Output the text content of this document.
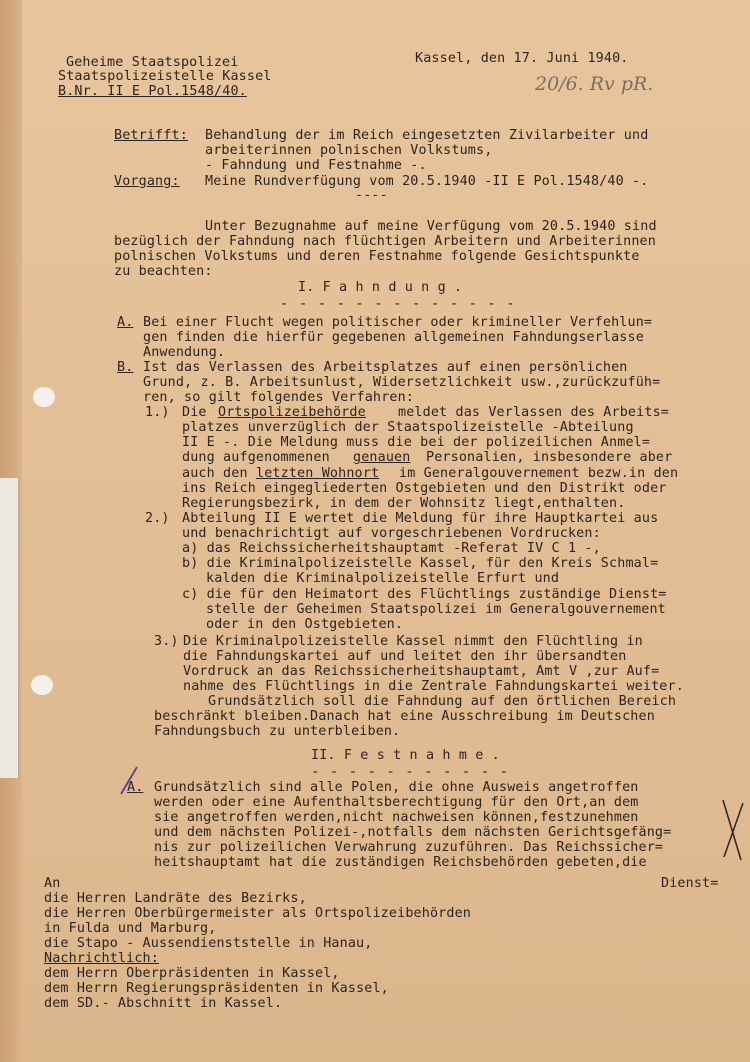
Geheime Staatspolizei
Staatspolizeistelle Kassel
B.Nr. II E Pol.1548/40.
Kassel, den 17. Juni 1940.
20/6. Rv pR.
Betrifft: Behandlung der im Reich eingesetzten Zivilarbeiter und
arbeiterinnen polnischen Volkstums,
- Fahndung und Festnahme -.
Vorgang: Meine Rundverfügung vom 20.5.1940 -II E Pol.1548/40 -.
----
Unter Bezugnahme auf meine Verfügung vom 20.5.1940 sind
bezüglich der Fahndung nach flüchtigen Arbeitern und Arbeiterinnen
polnischen Volkstums und deren Festnahme folgende Gesichtspunkte
zu beachten:
I. F a h n d u n g .
- - - - - - - - - - - - -
A. Bei einer Flucht wegen politischer oder krimineller Verfehlun=
gen finden die hierfür gegebenen allgemeinen Fahndungserlasse
Anwendung.
B. Ist das Verlassen des Arbeitsplatzes auf einen persönlichen
Grund, z. B. Arbeitsunlust, Widersetzlichkeit usw.,zurückzufüh=
ren, so gilt folgendes Verfahren:
1.) Die Ortspolizeibehörde meldet das Verlassen des Arbeits=
platzes unverzüglich der Staatspolizeistelle -Abteilung
II E -. Die Meldung muss die bei der polizeilichen Anmel=
dung aufgenommenen genauen Personalien, insbesondere aber
auch den letzten Wohnort im Generalgouvernement bezw.in den
ins Reich eingegliederten Ostgebieten und den Distrikt oder
Regierungsbezirk, in dem der Wohnsitz liegt,enthalten.
2.) Abteilung II E wertet die Meldung für ihre Hauptkartei aus
und benachrichtigt auf vorgeschriebenen Vordrucken:
a) das Reichssicherheitshauptamt -Referat IV C 1 -,
b) die Kriminalpolizeistelle Kassel, für den Kreis Schmal=
kalden die Kriminalpolizeistelle Erfurt und
c) die für den Heimatort des Flüchtlings zuständige Dienst=
stelle der Geheimen Staatspolizei im Generalgouvernement
oder in den Ostgebieten.
3.) Die Kriminalpolizeistelle Kassel nimmt den Flüchtling in
die Fahndungskartei auf und leitet den ihr übersandten
Vordruck an das Reichssicherheitshauptamt, Amt V ,zur Auf=
nahme des Flüchtlings in die Zentrale Fahndungskartei weiter.
Grundsätzlich soll die Fahndung auf den örtlichen Bereich
beschränkt bleiben.Danach hat eine Ausschreibung im Deutschen
Fahndungsbuch zu unterbleiben.
II. F e s t n a h m e .
- - - - - - - - - - -
A. Grundsätzlich sind alle Polen, die ohne Ausweis angetroffen
werden oder eine Aufenthaltsberechtigung für den Ort,an dem
sie angetroffen werden,nicht nachweisen können,festzunehmen
und dem nächsten Polizei-,notfalls dem nächsten Gerichtsgefäng=
nis zur polizeilichen Verwahrung zuzuführen. Das Reichssicher=
heitshauptamt hat die zuständigen Reichsbehörden gebeten,die
Dienst=
An
die Herren Landräte des Bezirks,
die Herren Oberbürgermeister als Ortspolizeibehörden
in Fulda und Marburg,
die Stapo - Aussendienststelle in Hanau,
Nachrichtlich:
dem Herrn Oberpräsidenten in Kassel,
dem Herrn Regierungspräsidenten in Kassel,
dem SD.- Abschnitt in Kassel.
